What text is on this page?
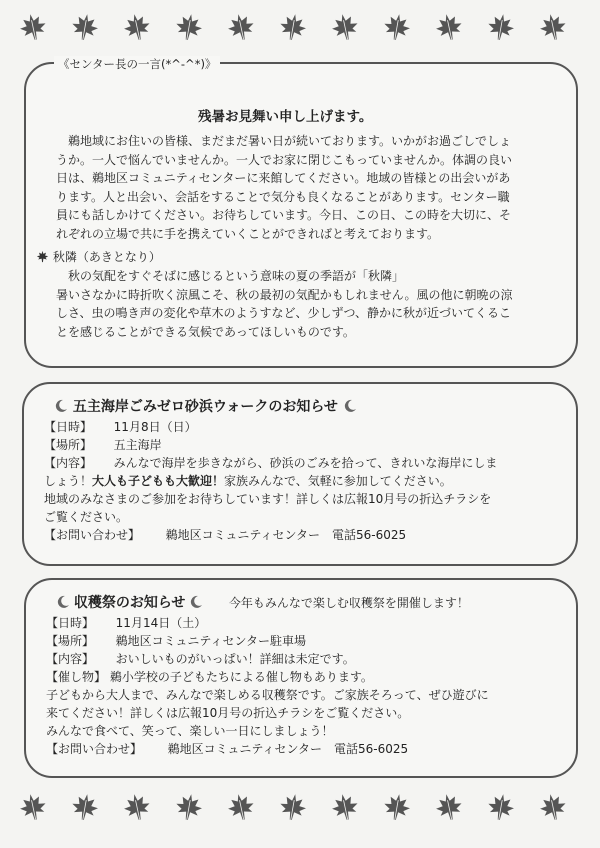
《センター長の一言(*^-^*)》
残暑お見舞い申し上げます。
　鵜地域にお住いの皆様、まだまだ暑い日が続いております。いかがお過ごしでしょ
うか。一人で悩んでいませんか。一人でお家に閉じこもっていませんか。体調の良い
日は、鵜地区コミュニティセンターに来館してください。地域の皆様との出会いがあ
ります。人と出会い、会話をすることで気分も良くなることがあります。センター職
員にも話しかけてください。お待ちしています。今日、この日、この時を大切に、そ
れぞれの立場で共に手を携えていくことができればと考えております。
秋隣（あきとなり）
　秋の気配をすぐそばに感じるという意味の夏の季語が「秋隣」
暑いさなかに時折吹く涼風こそ、秋の最初の気配かもしれません。風の他に朝晩の涼
しさ、虫の鳴き声の変化や草木のようすなど、少しずつ、静かに秋が近づいてくるこ
とを感じることができる気候であってほしいものです。
五主海岸ごみゼロ砂浜ウォークのお知らせ
【日時】 11月8日（日）
【場所】 五主海岸
【内容】 みんなで海岸を歩きながら、砂浜のごみを拾って、きれいな海岸にしま
しょう！大人も子どもも大歓迎！家族みんなで、気軽に参加してください。
地域のみなさまのご参加をお待ちしています！詳しくは広報10月号の折込チラシを
ご覧ください。
【お問い合わせ】 鵜地区コミュニティセンター　電話56-6025
収穫祭のお知らせ	今年もみんなで楽しむ収穫祭を開催します！
【日時】 11月14日（土）
【場所】 鵜地区コミュニティセンター駐車場
【内容】 おいしいものがいっぱい！詳細は未定です。
【催し物】 鵜小学校の子どもたちによる催し物もあります。
子どもから大人まで、みんなで楽しめる収穫祭です。ご家族そろって、ぜひ遊びに
来てください！詳しくは広報10月号の折込チラシをご覧ください。
みんなで食べて、笑って、楽しい一日にしましょう！
【お問い合わせ】 鵜地区コミュニティセンター　電話56-6025
